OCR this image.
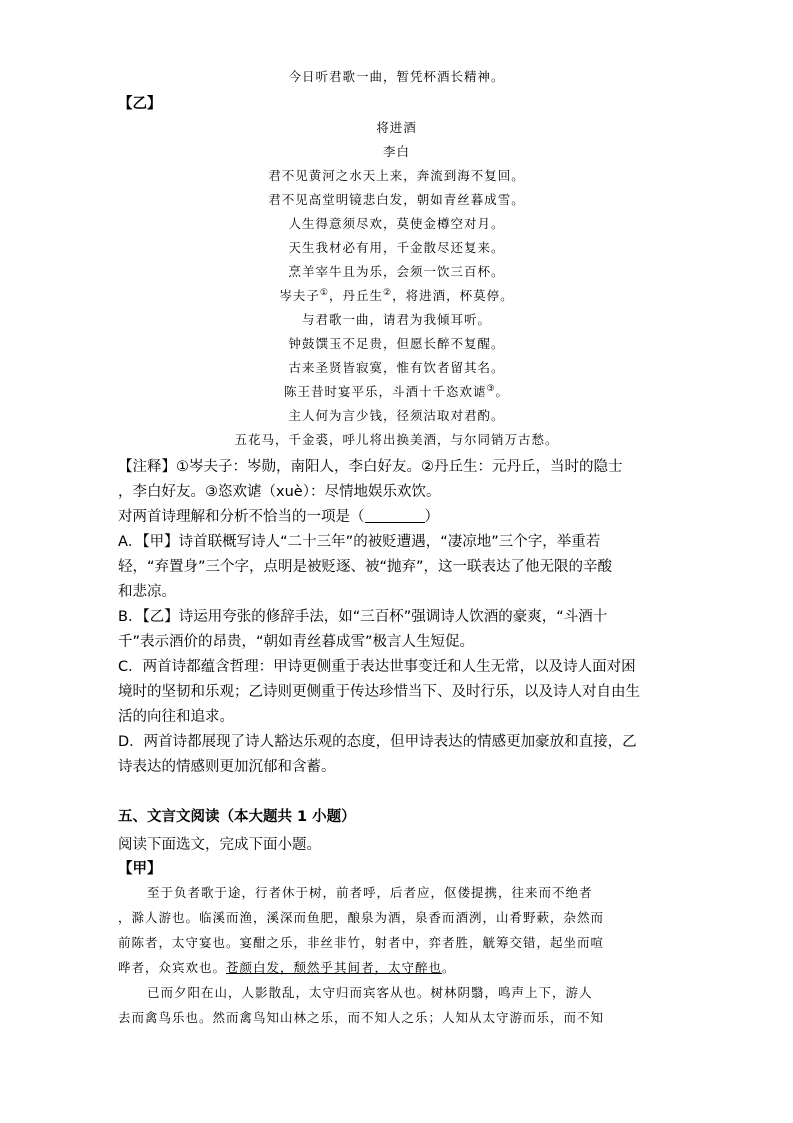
今日听君歌一曲，暂凭杯酒长精神。
【乙】
将进酒
李白
君不见黄河之水天上来，奔流到海不复回。
君不见高堂明镜悲白发，朝如青丝暮成雪。
人生得意须尽欢，莫使金樽空对月。
天生我材必有用，千金散尽还复来。
烹羊宰牛且为乐，会须一饮三百杯。
岑夫子①，丹丘生②，将进酒，杯莫停。
与君歌一曲，请君为我倾耳听。
钟鼓馔玉不足贵，但愿长醉不复醒。
古来圣贤皆寂寞，惟有饮者留其名。
陈王昔时宴平乐，斗酒十千恣欢谑③。
主人何为言少钱，径须沽取对君酌。
五花马，千金裘，呼儿将出换美酒，与尔同销万古愁。
【注释】①岑夫子：岑勋，南阳人，李白好友。②丹丘生：元丹丘，当时的隐士
，李白好友。③恣欢谑（xuè）：尽情地娱乐欢饮。
对两首诗理解和分析不恰当的一项是（	）
A．【甲】诗首联概写诗人“二十三年”的被贬遭遇，“凄凉地”三个字，举重若
轻，“弃置身”三个字，点明是被贬逐、被“抛弃”，这一联表达了他无限的辛酸
和悲凉。
B．【乙】诗运用夸张的修辞手法，如“三百杯”强调诗人饮酒的豪爽，“斗酒十
千”表示酒价的昂贵，“朝如青丝暮成雪”极言人生短促。
C．两首诗都蕴含哲理：甲诗更侧重于表达世事变迁和人生无常，以及诗人面对困
境时的坚韧和乐观；乙诗则更侧重于传达珍惜当下、及时行乐，以及诗人对自由生
活的向往和追求。
D．两首诗都展现了诗人豁达乐观的态度，但甲诗表达的情感更加豪放和直接，乙
诗表达的情感则更加沉郁和含蓄。
五、文言文阅读（本大题共 1 小题）
阅读下面选文，完成下面小题。
【甲】
至于负者歌于途，行者休于树，前者呼，后者应，伛偻提携，往来而不绝者
，滁人游也。临溪而渔，溪深而鱼肥，酿泉为酒，泉香而酒洌，山肴野蔌，杂然而
前陈者，太守宴也。宴酣之乐，非丝非竹，射者中，弈者胜，觥筹交错，起坐而喧
哗者，众宾欢也。苍颜白发，颓然乎其间者，太守醉也。
已而夕阳在山，人影散乱，太守归而宾客从也。树林阴翳，鸣声上下，游人
去而禽鸟乐也。然而禽鸟知山林之乐，而不知人之乐；人知从太守游而乐，而不知
